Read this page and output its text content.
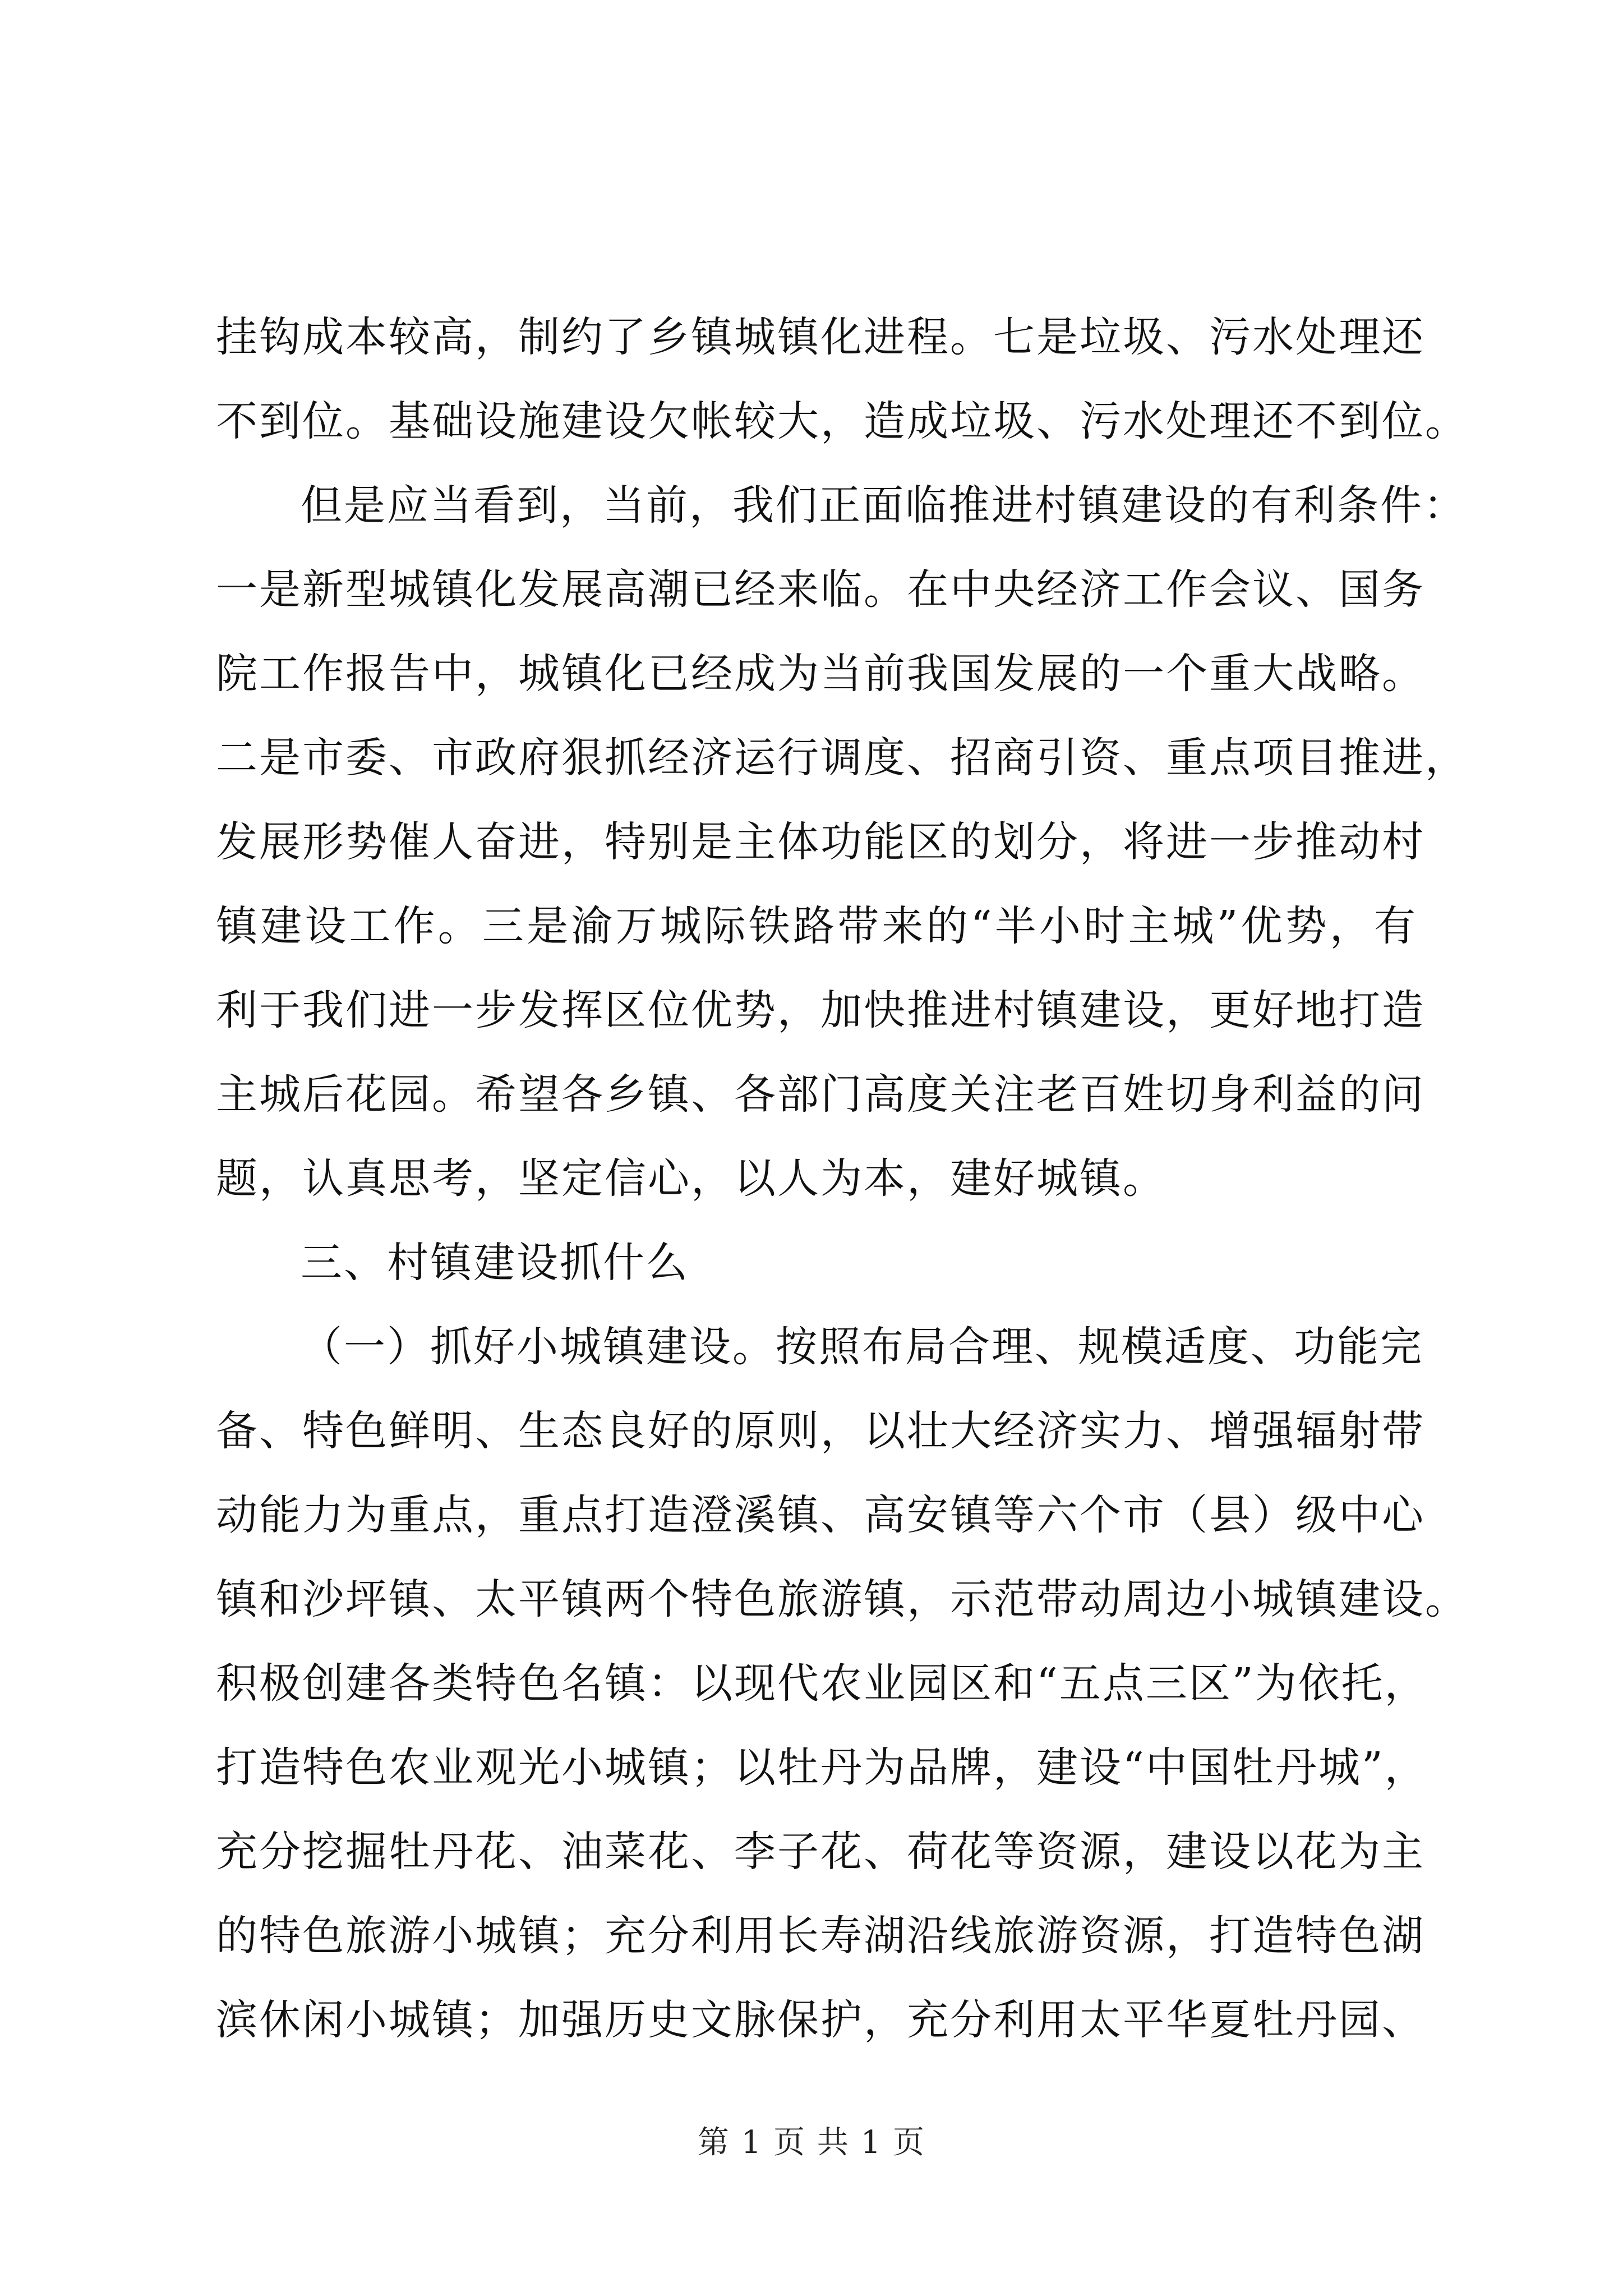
挂钩成本较高，制约了乡镇城镇化进程。七是垃圾、污水处理还
不到位。基础设施建设欠帐较大，造成垃圾、污水处理还不到位。
但是应当看到，当前，我们正面临推进村镇建设的有利条件：
一是新型城镇化发展高潮已经来临。在中央经济工作会议、国务
院工作报告中，城镇化已经成为当前我国发展的一个重大战略。
二是市委、市政府狠抓经济运行调度、招商引资、重点项目推进，
发展形势催人奋进，特别是主体功能区的划分，将进一步推动村
镇建设工作。三是渝万城际铁路带来的“半小时主城”优势，有
利于我们进一步发挥区位优势，加快推进村镇建设，更好地打造
主城后花园。希望各乡镇、各部门高度关注老百姓切身利益的问
题，认真思考，坚定信心，以人为本，建好城镇。
三、村镇建设抓什么
（一）抓好小城镇建设。按照布局合理、规模适度、功能完
备、特色鲜明、生态良好的原则，以壮大经济实力、增强辐射带
动能力为重点，重点打造澄溪镇、高安镇等六个市（县）级中心
镇和沙坪镇、太平镇两个特色旅游镇，示范带动周边小城镇建设。
积极创建各类特色名镇：以现代农业园区和“五点三区”为依托，
打造特色农业观光小城镇；以牡丹为品牌，建设“中国牡丹城”，
充分挖掘牡丹花、油菜花、李子花、荷花等资源，建设以花为主
的特色旅游小城镇；充分利用长寿湖沿线旅游资源，打造特色湖
滨休闲小城镇；加强历史文脉保护，充分利用太平华夏牡丹园、
第 1 页 共 1 页
